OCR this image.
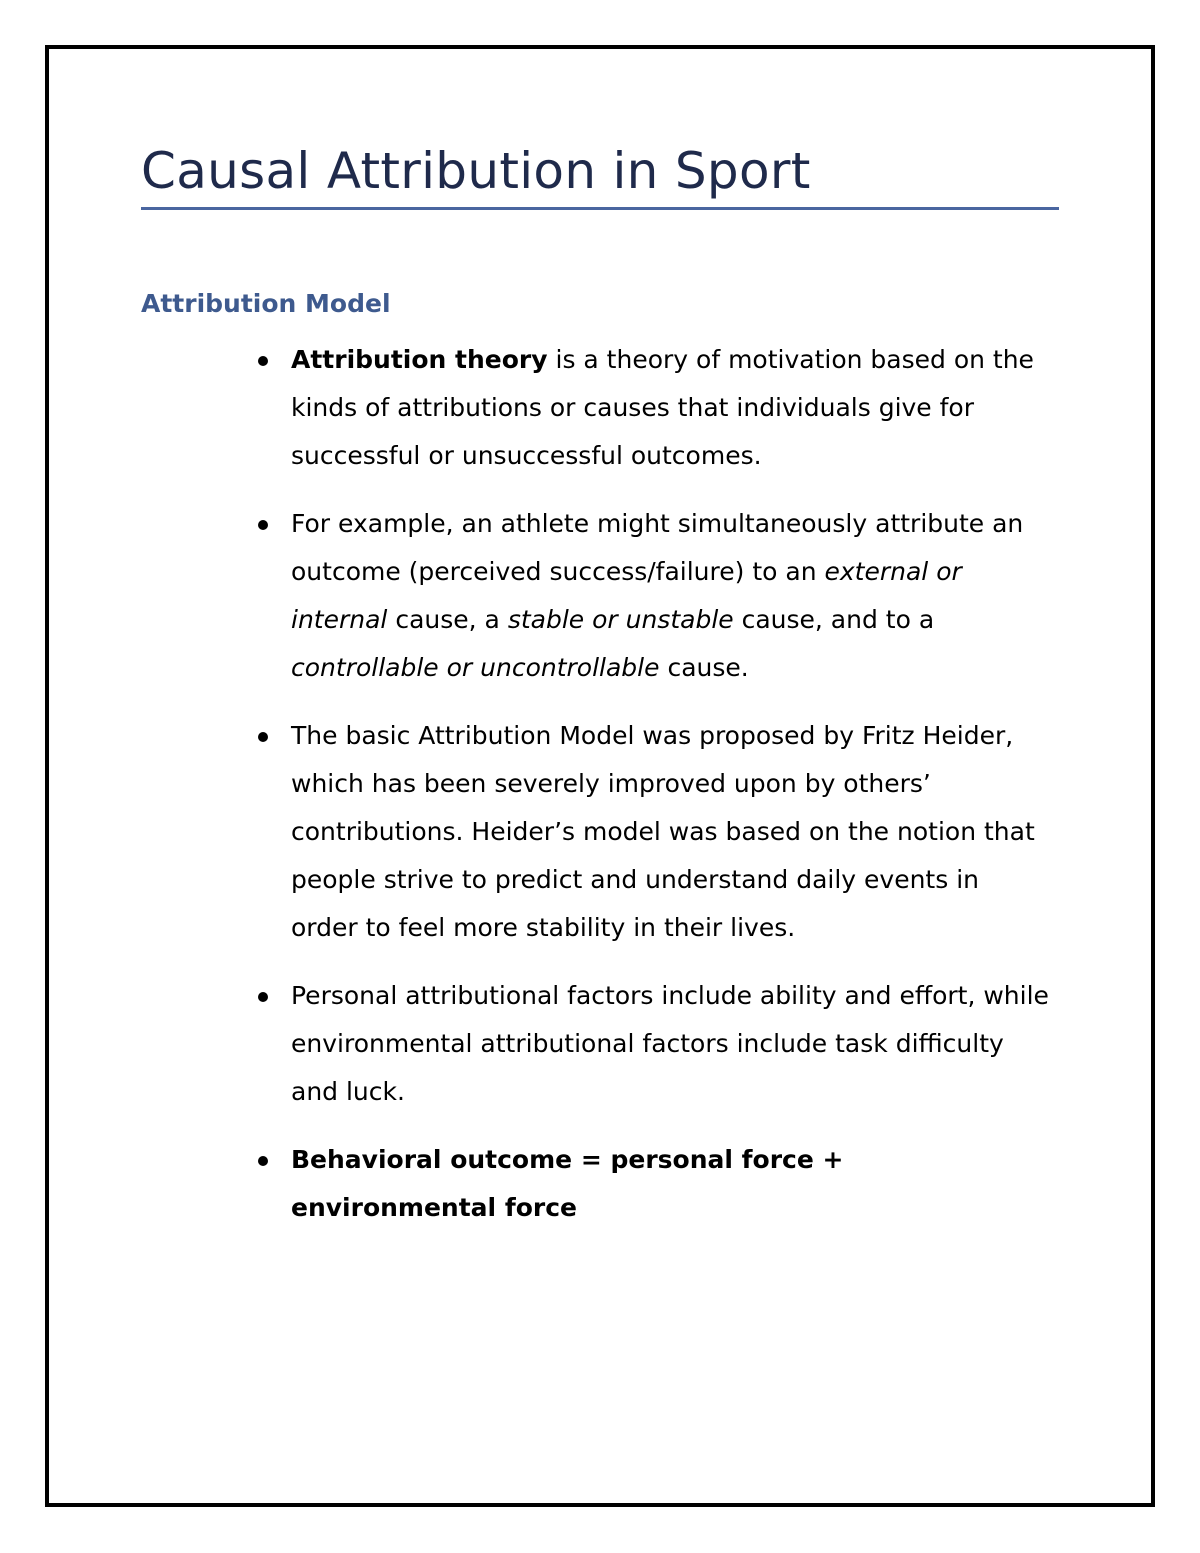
Causal Attribution in Sport
Attribution Model
Attribution theory is a theory of motivation based on the kinds of attributions or causes that individuals give for successful or unsuccessful outcomes.
For example, an athlete might simultaneously attribute an outcome (perceived success/failure) to an external or internal cause, a stable or unstable cause, and to a controllable or uncontrollable cause.
The basic Attribution Model was proposed by Fritz Heider, which has been severely improved upon by others’ contributions. Heider’s model was based on the notion that people strive to predict and understand daily events in order to feel more stability in their lives.
Personal attributional factors include ability and effort, while environmental attributional factors include task difficulty and luck.
Behavioral outcome = personal force + environmental force
